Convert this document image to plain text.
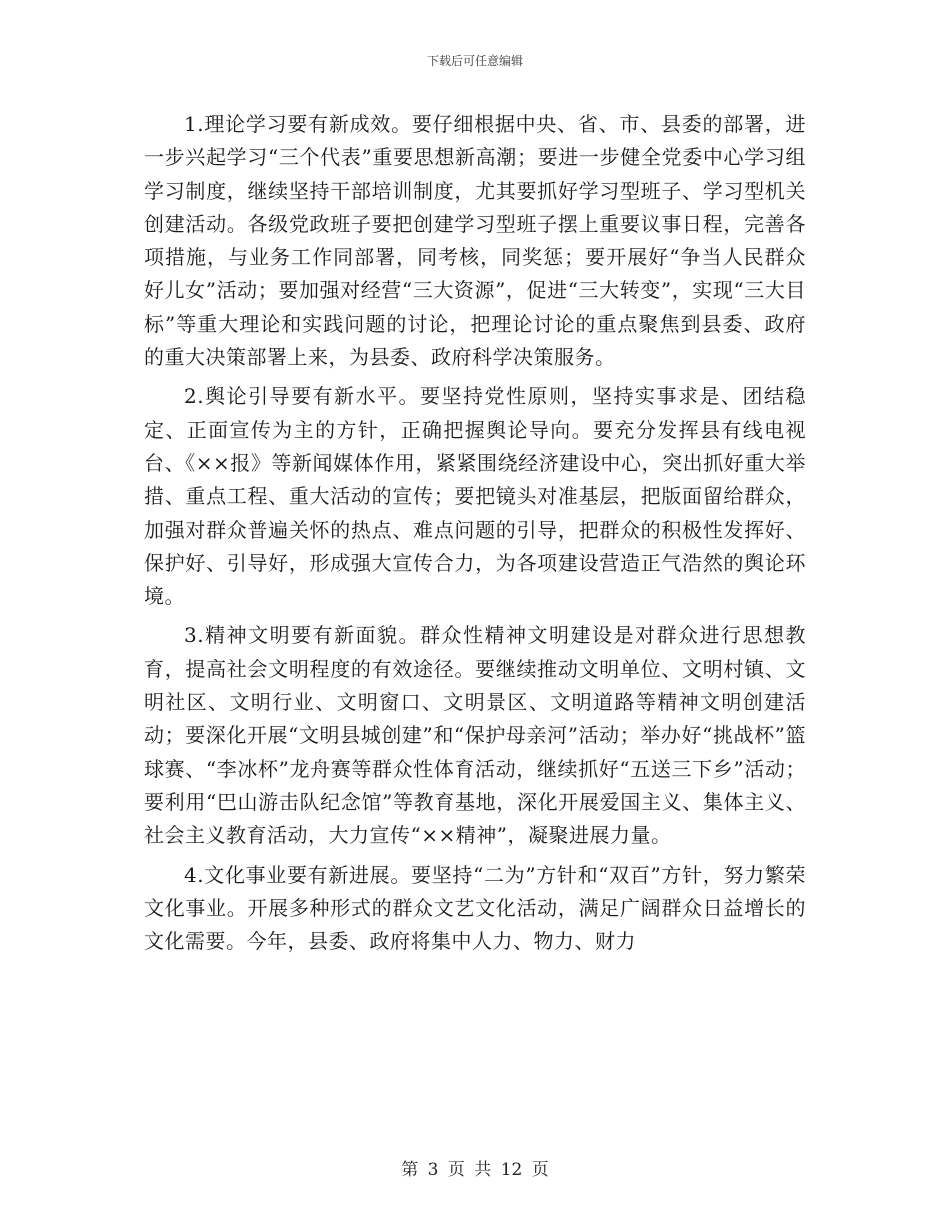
下载后可任意编辑

1.理论学习要有新成效。要仔细根据中央、省、市、县委的部署，进一步兴起学习“三个代表”重要思想新高潮；要进一步健全党委中心学习组学习制度，继续坚持干部培训制度，尤其要抓好学习型班子、学习型机关创建活动。各级党政班子要把创建学习型班子摆上重要议事日程，完善各项措施，与业务工作同部署，同考核，同奖惩；要开展好“争当人民群众好儿女”活动；要加强对经营“三大资源”，促进“三大转变”，实现“三大目标”等重大理论和实践问题的讨论，把理论讨论的重点聚焦到县委、政府的重大决策部署上来，为县委、政府科学决策服务。

2.舆论引导要有新水平。要坚持党性原则，坚持实事求是、团结稳定、正面宣传为主的方针，正确把握舆论导向。要充分发挥县有线电视台、《××报》等新闻媒体作用，紧紧围绕经济建设中心，突出抓好重大举措、重点工程、重大活动的宣传；要把镜头对准基层，把版面留给群众，加强对群众普遍关怀的热点、难点问题的引导，把群众的积极性发挥好、保护好、引导好，形成强大宣传合力，为各项建设营造正气浩然的舆论环境。

3.精神文明要有新面貌。群众性精神文明建设是对群众进行思想教育，提高社会文明程度的有效途径。要继续推动文明单位、文明村镇、文明社区、文明行业、文明窗口、文明景区、文明道路等精神文明创建活动；要深化开展“文明县城创建”和“保护母亲河”活动；举办好“挑战杯”篮球赛、“李冰杯”龙舟赛等群众性体育活动，继续抓好“五送三下乡”活动；要利用“巴山游击队纪念馆”等教育基地，深化开展爱国主义、集体主义、社会主义教育活动，大力宣传“××精神”，凝聚进展力量。

4.文化事业要有新进展。要坚持“二为”方针和“双百”方针，努力繁荣文化事业。开展多种形式的群众文艺文化活动，满足广阔群众日益增长的文化需要。今年，县委、政府将集中人力、物力、财力

第 3 页 共 12 页
